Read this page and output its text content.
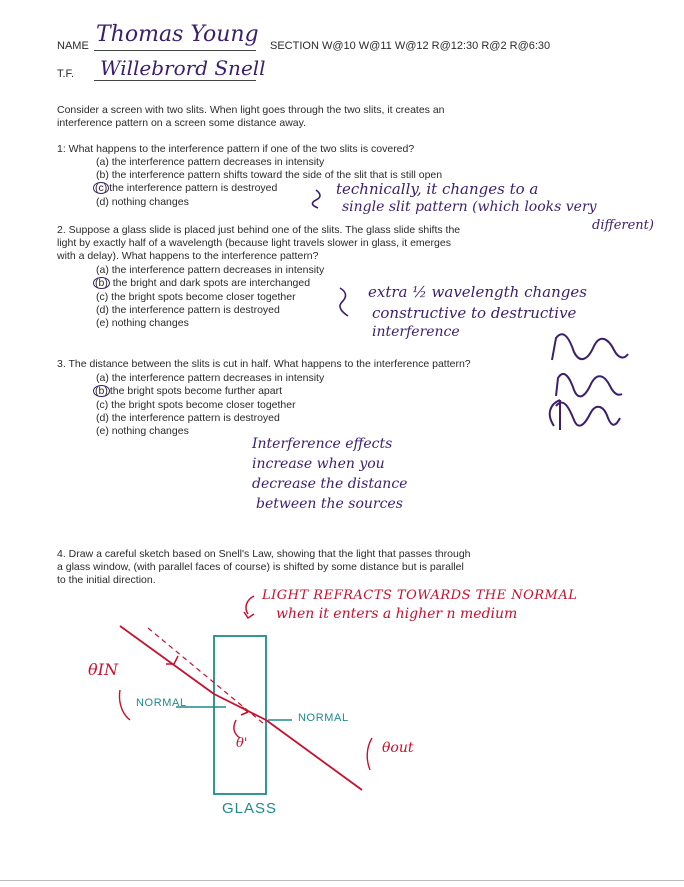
NAME Thomas Young SECTION W@10 W@11 W@12 R@12:30 R@2 R@6:30
T.F. Willebrord Snell
Consider a screen with two slits. When light goes through the two slits, it creates an
interference pattern on a screen some distance away.
1: What happens to the interference pattern if one of the two slits is covered?
(a) the interference pattern decreases in intensity
(b) the interference pattern shifts toward the side of the slit that is still open
(c) the interference pattern is destroyed
(d) nothing changes
technically, it changes to a
single slit pattern (which looks very
different)
2. Suppose a glass slide is placed just behind one of the slits. The glass slide shifts the
light by exactly half of a wavelength (because light travels slower in glass, it emerges
with a delay). What happens to the interference pattern?
(a) the interference pattern decreases in intensity
(b) the bright and dark spots are interchanged
(c) the bright spots become closer together
(d) the interference pattern is destroyed
(e) nothing changes
extra ½ wavelength changes
constructive to destructive
interference
3. The distance between the slits is cut in half. What happens to the interference pattern?
(a) the interference pattern decreases in intensity
(b) the bright spots become further apart
(c) the bright spots become closer together
(d) the interference pattern is destroyed
(e) nothing changes
Interference effects
increase when you
decrease the distance
between the sources
4. Draw a careful sketch based on Snell's Law, showing that the light that passes through
a glass window, (with parallel faces of course) is shifted by some distance but is parallel
to the initial direction.
LIGHT REFRACTS TOWARDS THE NORMAL
when it enters a higher n medium
θIN
NORMAL
NORMAL
θ'	θout
GLASS
